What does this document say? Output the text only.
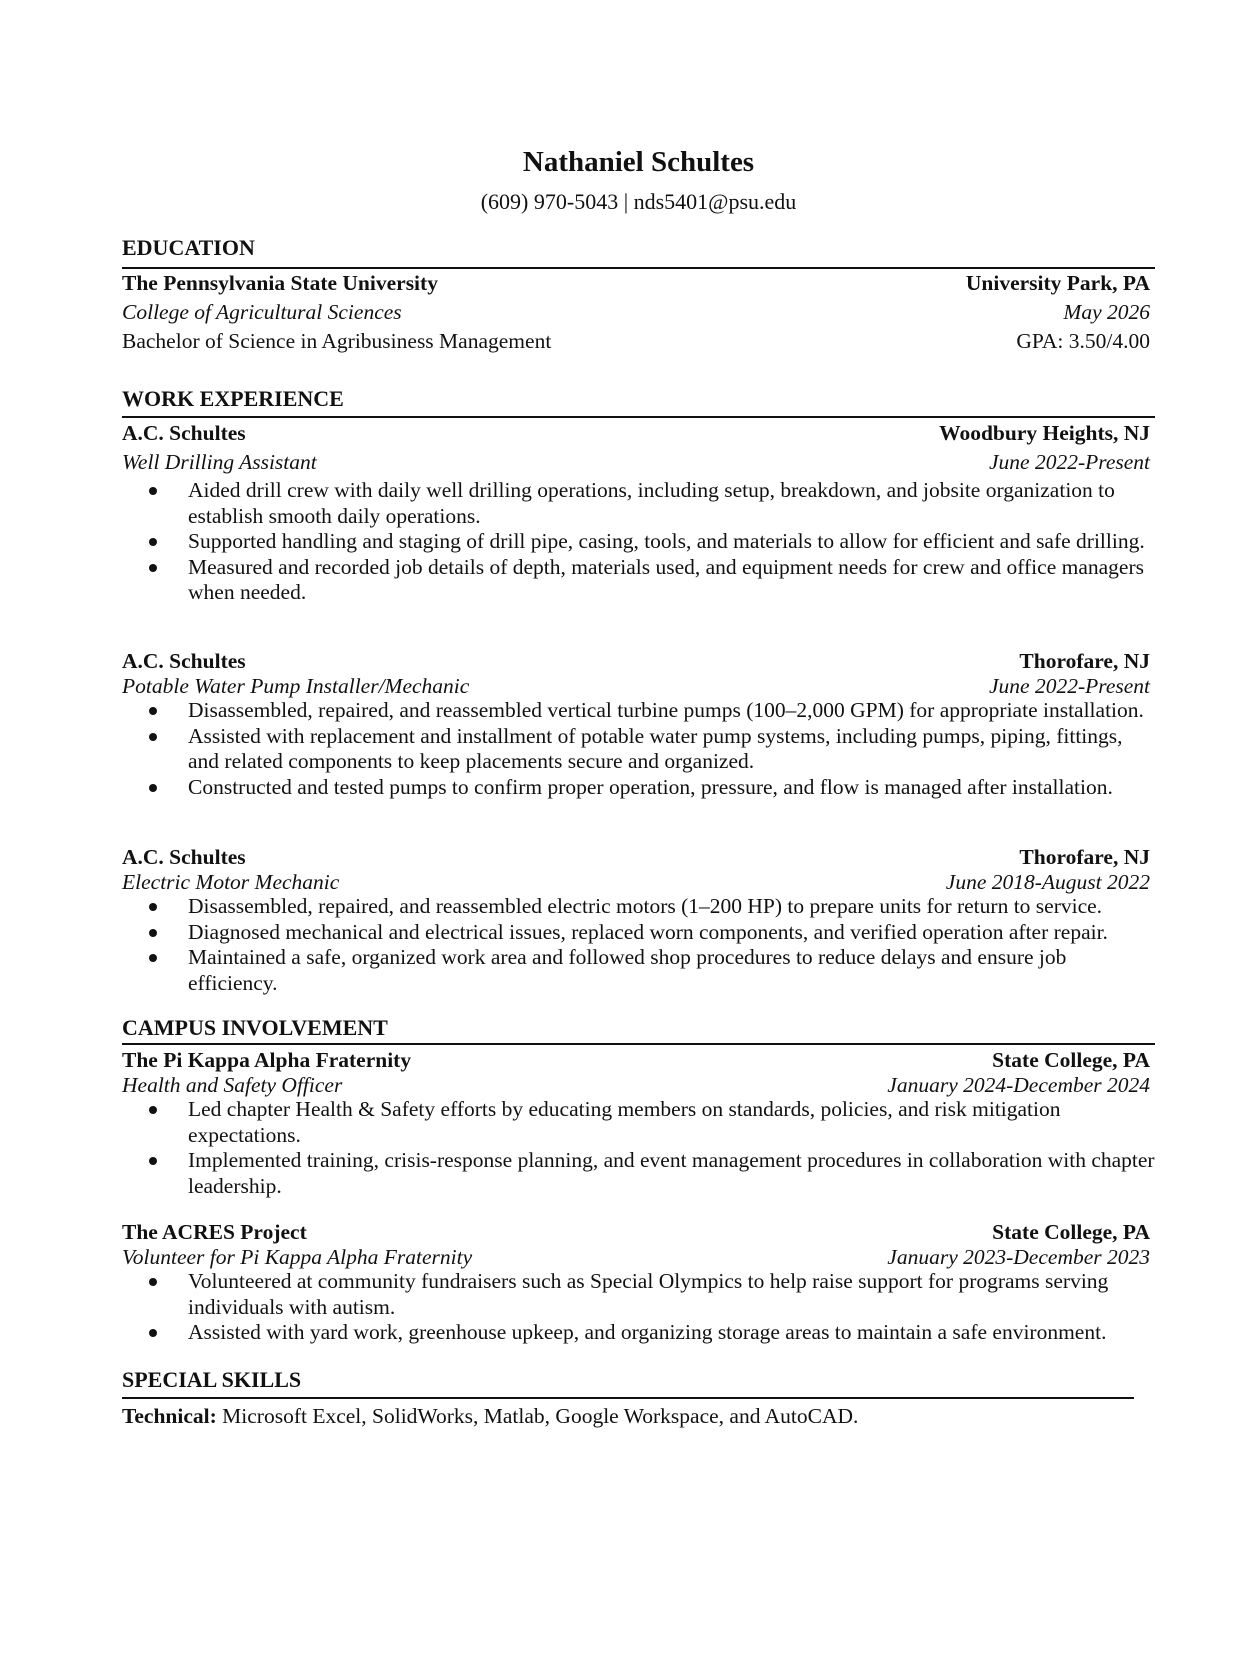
Nathaniel Schultes
(609) 970-5043 | nds5401@psu.edu
EDUCATION
The Pennsylvania State University	University Park, PA
College of Agricultural Sciences	May 2026
Bachelor of Science in Agribusiness Management	GPA: 3.50/4.00
WORK EXPERIENCE
A.C. Schultes	Woodbury Heights, NJ
Well Drilling Assistant	June 2022-Present
Aided drill crew with daily well drilling operations, including setup, breakdown, and jobsite organization to establish smooth daily operations.
Supported handling and staging of drill pipe, casing, tools, and materials to allow for efficient and safe drilling.
Measured and recorded job details of depth, materials used, and equipment needs for crew and office managers when needed.
A.C. Schultes	Thorofare, NJ
Potable Water Pump Installer/Mechanic	June 2022-Present
Disassembled, repaired, and reassembled vertical turbine pumps (100–2,000 GPM) for appropriate installation.
Assisted with replacement and installment of potable water pump systems, including pumps, piping, fittings, and related components to keep placements secure and organized.
Constructed and tested pumps to confirm proper operation, pressure, and flow is managed after installation.
A.C. Schultes	Thorofare, NJ
Electric Motor Mechanic	June 2018-August 2022
Disassembled, repaired, and reassembled electric motors (1–200 HP) to prepare units for return to service.
Diagnosed mechanical and electrical issues, replaced worn components, and verified operation after repair.
Maintained a safe, organized work area and followed shop procedures to reduce delays and ensure job efficiency.
CAMPUS INVOLVEMENT
The Pi Kappa Alpha Fraternity	State College, PA
Health and Safety Officer	January 2024-December 2024
Led chapter Health & Safety efforts by educating members on standards, policies, and risk mitigation expectations.
Implemented training, crisis-response planning, and event management procedures in collaboration with chapter leadership.
The ACRES Project	State College, PA
Volunteer for Pi Kappa Alpha Fraternity	January 2023-December 2023
Volunteered at community fundraisers such as Special Olympics to help raise support for programs serving individuals with autism.
Assisted with yard work, greenhouse upkeep, and organizing storage areas to maintain a safe environment.
SPECIAL SKILLS
Technical: Microsoft Excel, SolidWorks, Matlab, Google Workspace, and AutoCAD.
